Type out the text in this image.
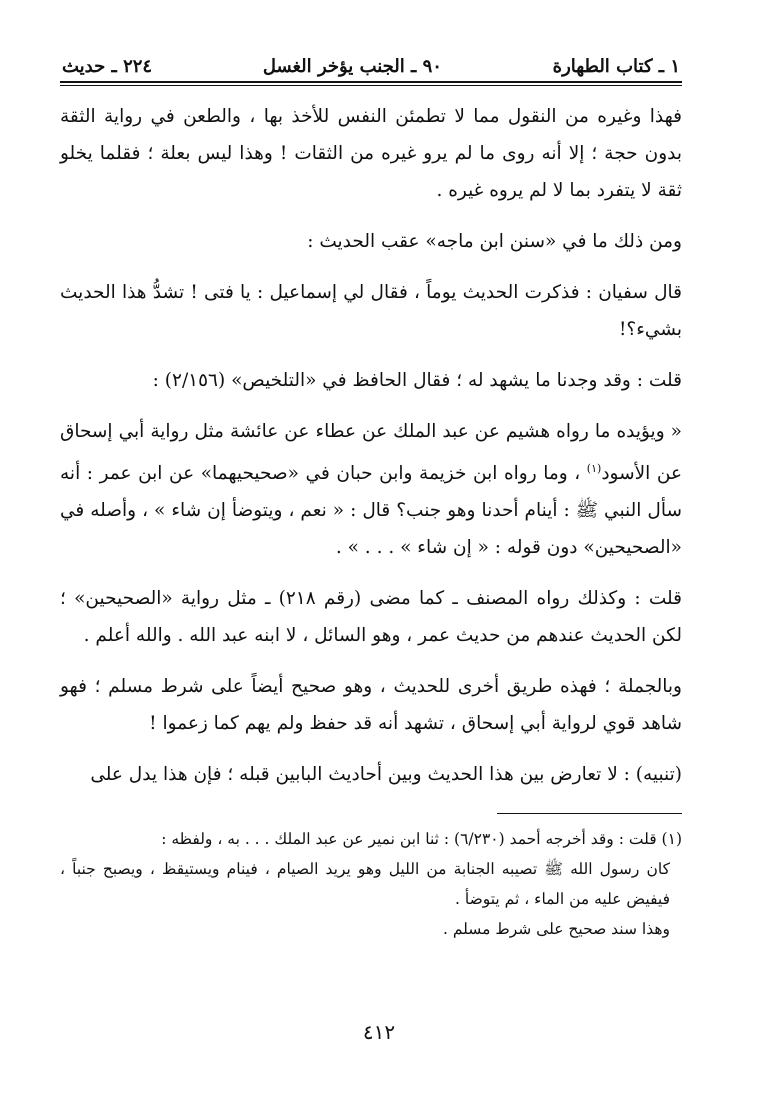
١ ـ كتاب الطهارة
٩٠ ـ الجنب يؤخر الغسل
٢٢٤ ـ حديث

فهذا وغيره من النقول مما لا تطمئن النفس للأخذ بها ، والطعن في رواية الثقة بدون حجة ؛ إلا أنه روى ما لم يرو غيره من الثقات ! وهذا ليس بعلة ؛ فقلما يخلو ثقة لا يتفرد بما لا لم يروه غيره .

ومن ذلك ما في «سنن ابن ماجه» عقب الحديث :

قال سفيان : فذكرت الحديث يوماً ، فقال لي إسماعيل : يا فتى ! تشدُّ هذا الحديث بشيء؟!

قلت : وقد وجدنا ما يشهد له ؛ فقال الحافظ في «التلخيص» (٢/١٥٦) :

« ويؤيده ما رواه هشيم عن عبد الملك عن عطاء عن عائشة مثل رواية أبي إسحاق عن الأسود$^{(١)}$ ، وما رواه ابن خزيمة وابن حبان في «صحيحيهما» عن ابن عمر : أنه سأل النبي ﷺ : أينام أحدنا وهو جنب؟ قال : « نعم ، ويتوضأ إن شاء » ، وأصله في «الصحيحين» دون قوله : « إن شاء » . . . » .

قلت : وكذلك رواه المصنف ـ كما مضى (رقم ٢١٨) ـ مثل رواية «الصحيحين» ؛ لكن الحديث عندهم من حديث عمر ، وهو السائل ، لا ابنه عبد الله . والله أعلم .

وبالجملة ؛ فهذه طريق أخرى للحديث ، وهو صحيح أيضاً على شرط مسلم ؛ فهو شاهد قوي لرواية أبي إسحاق ، تشهد أنه قد حفظ ولم يهم كما زعموا !

(تنبيه) : لا تعارض بين هذا الحديث وبين أحاديث البابين قبله ؛ فإن هذا يدل على

(١) قلت : وقد أخرجه أحمد (٦/٢٣٠) : ثنا ابن نمير عن عبد الملك . . . به ، ولفظه :

كان رسول الله ﷺ تصيبه الجنابة من الليل وهو يريد الصيام ، فينام ويستيقظ ، ويصبح جنباً ، فيفيض عليه من الماء ، ثم يتوضأ .

وهذا سند صحيح على شرط مسلم .

٤١٢
